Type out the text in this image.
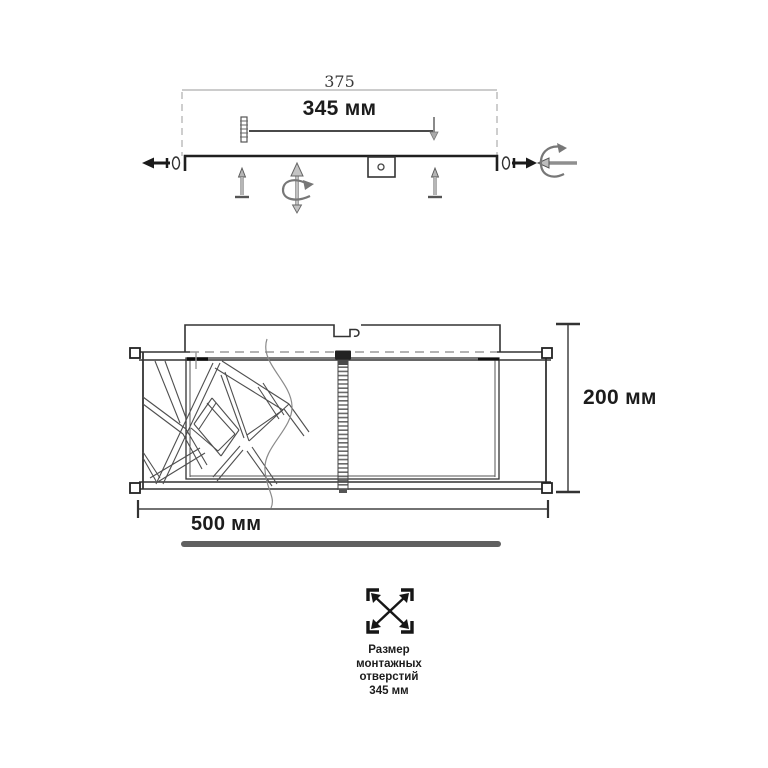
375
345 мм
200 мм
500 мм
Размер
монтажных
отверстий
345 мм
